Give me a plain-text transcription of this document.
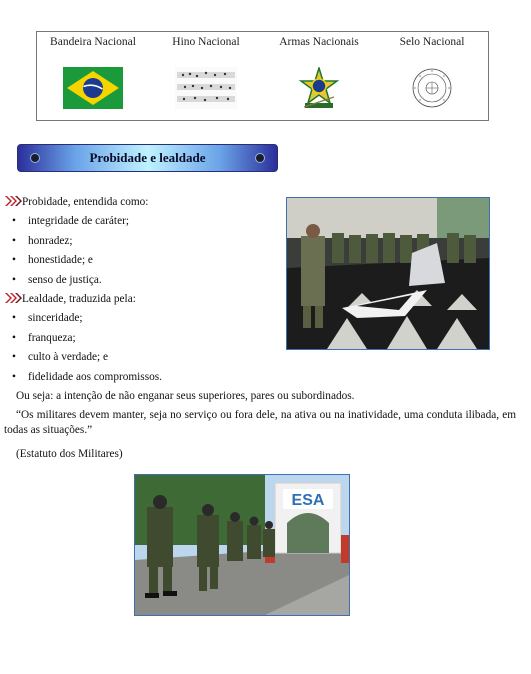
Bandeira Nacional	Hino Nacional	Armas Nacionais	Selo Nacional
Probidade e lealdade
Probidade, entendida como:
• integridade de caráter;
• honradez;
• honestidade; e
• senso de justiça.
Lealdade, traduzida pela:
• sinceridade;
• franqueza;
• culto à verdade; e
• fidelidade aos compromissos.
Ou seja: a intenção de não enganar seus superiores, pares ou subordinados.
“Os militares devem manter, seja no serviço ou fora dele, na ativa ou na inatividade, uma conduta ilibada, em todas as situações.”
(Estatuto dos Militares)
ESA
